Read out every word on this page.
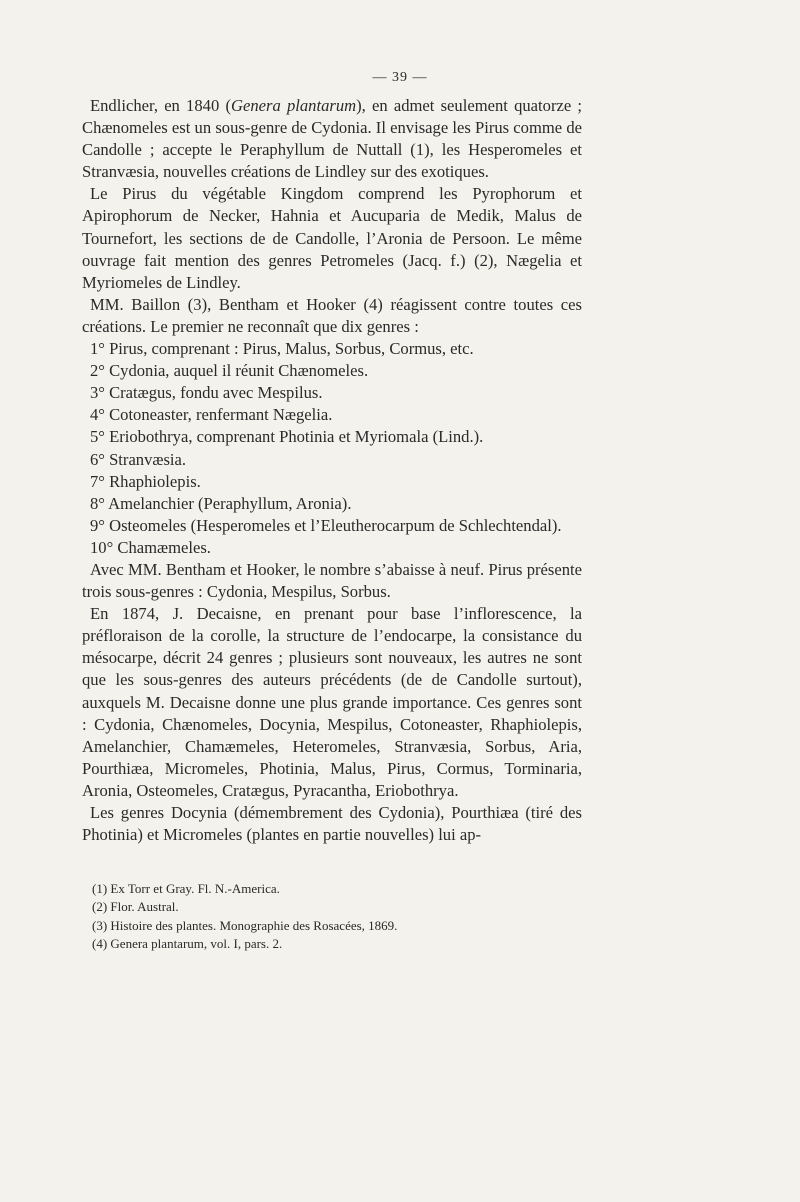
— 39 —

Endlicher, en 1840 (Genera plantarum), en admet seulement quatorze ; Chænomeles est un sous-genre de Cydonia. Il envisage les Pirus comme de Candolle ; accepte le Peraphyllum de Nuttall (1), les Hesperomeles et Stranvæsia, nouvelles créations de Lindley sur des exotiques.

Le Pirus du végétable Kingdom comprend les Pyrophorum et Apirophorum de Necker, Hahnia et Aucuparia de Medik, Malus de Tournefort, les sections de de Candolle, l’Aronia de Persoon. Le même ouvrage fait mention des genres Petromeles (Jacq. f.) (2), Nægelia et Myriomeles de Lindley.

MM. Baillon (3), Bentham et Hooker (4) réagissent contre toutes ces créations. Le premier ne reconnaît que dix genres :

1° Pirus, comprenant : Pirus, Malus, Sorbus, Cormus, etc.

2° Cydonia, auquel il réunit Chænomeles.

3° Cratægus, fondu avec Mespilus.

4° Cotoneaster, renfermant Nægelia.

5° Eriobothrya, comprenant Photinia et Myriomala (Lind.).

6° Stranvæsia.

7° Rhaphiolepis.

8° Amelanchier (Peraphyllum, Aronia).

9° Osteomeles (Hesperomeles et l’Eleutherocarpum de Schlechtendal).

10° Chamæmeles.

Avec MM. Bentham et Hooker, le nombre s’abaisse à neuf. Pirus présente trois sous-genres : Cydonia, Mespilus, Sorbus.

En 1874, J. Decaisne, en prenant pour base l’inflorescence, la préfloraison de la corolle, la structure de l’endocarpe, la consistance du mésocarpe, décrit 24 genres ; plusieurs sont nouveaux, les autres ne sont que les sous-genres des auteurs précédents (de de Candolle surtout), auxquels M. Decaisne donne une plus grande importance. Ces genres sont : Cydonia, Chænomeles, Docynia, Mespilus, Cotoneaster, Rhaphiolepis, Amelanchier, Chamæmeles, Heteromeles, Stranvæsia, Sorbus, Aria, Pourthiæa, Micromeles, Photinia, Malus, Pirus, Cormus, Torminaria, Aronia, Osteomeles, Cratægus, Pyracantha, Eriobothrya.

Les genres Docynia (démembrement des Cydonia), Pourthiæa (tiré des Photinia) et Micromeles (plantes en partie nouvelles) lui ap-

(1) Ex Torr et Gray. Fl. N.-America.

(2) Flor. Austral.

(3) Histoire des plantes. Monographie des Rosacées, 1869.

(4) Genera plantarum, vol. I, pars. 2.
